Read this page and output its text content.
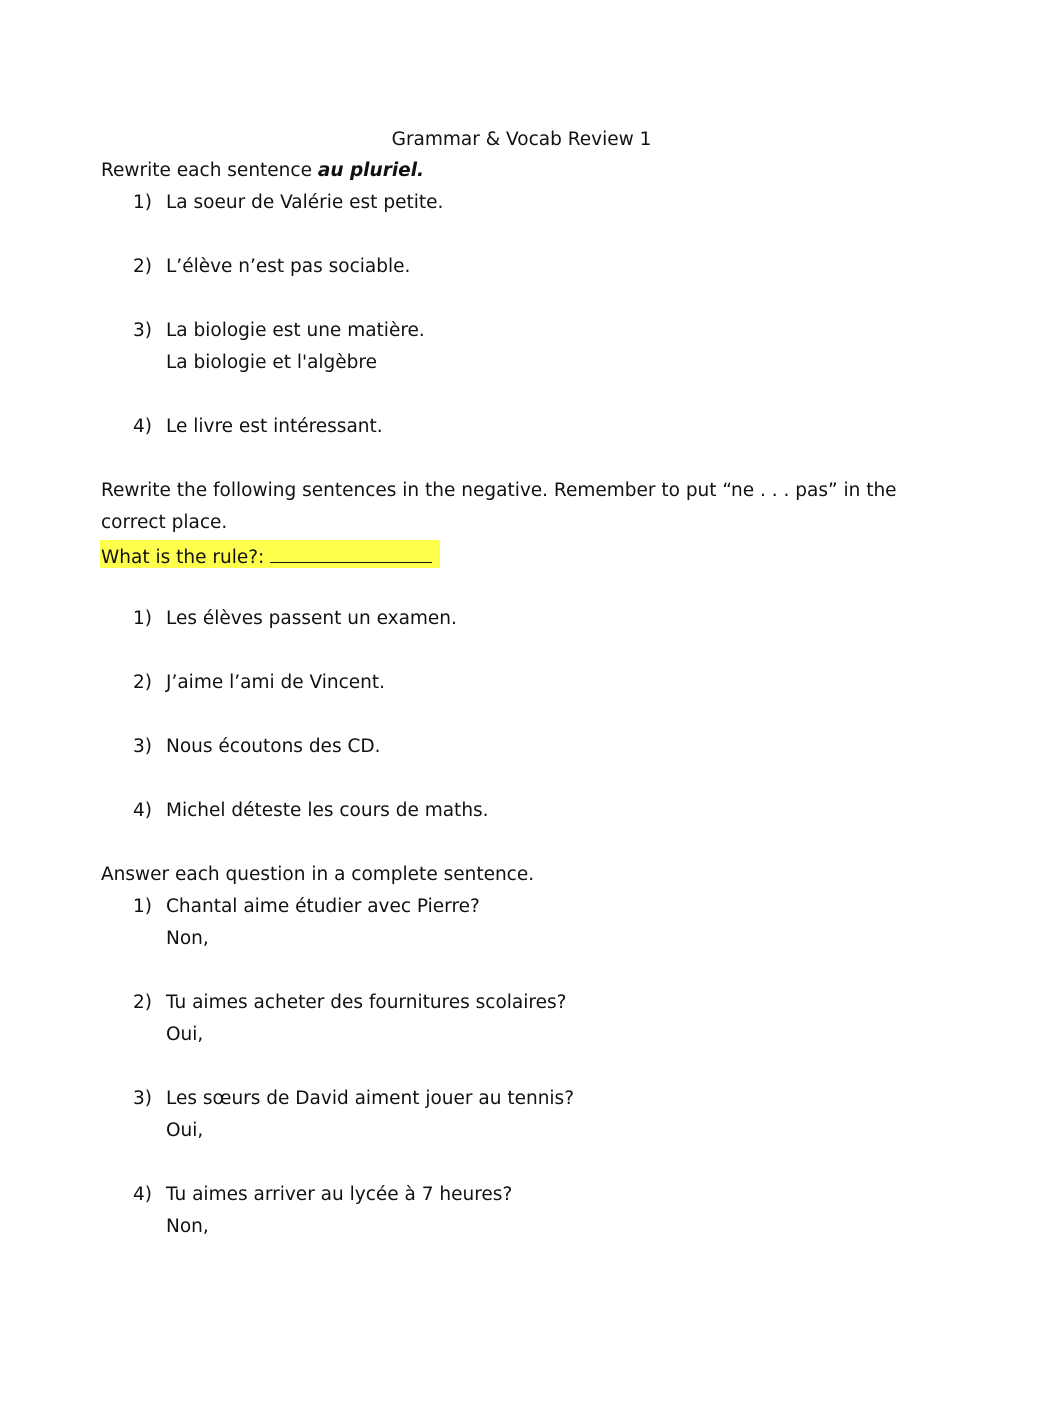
Grammar & Vocab Review 1
Rewrite each sentence au pluriel.
1) La soeur de Valérie est petite.
2) L’élève n’est pas sociable.
3) La biologie est une matière.
La biologie et l'algèbre
4) Le livre est intéressant.
Rewrite the following sentences in the negative. Remember to put “ne . . . pas” in the
correct place.
What is the rule?:
1) Les élèves passent un examen.
2) J’aime l’ami de Vincent.
3) Nous écoutons des CD.
4) Michel déteste les cours de maths.
Answer each question in a complete sentence.
1) Chantal aime étudier avec Pierre?
Non,
2) Tu aimes acheter des fournitures scolaires?
Oui,
3) Les sœurs de David aiment jouer au tennis?
Oui,
4) Tu aimes arriver au lycée à 7 heures?
Non,
